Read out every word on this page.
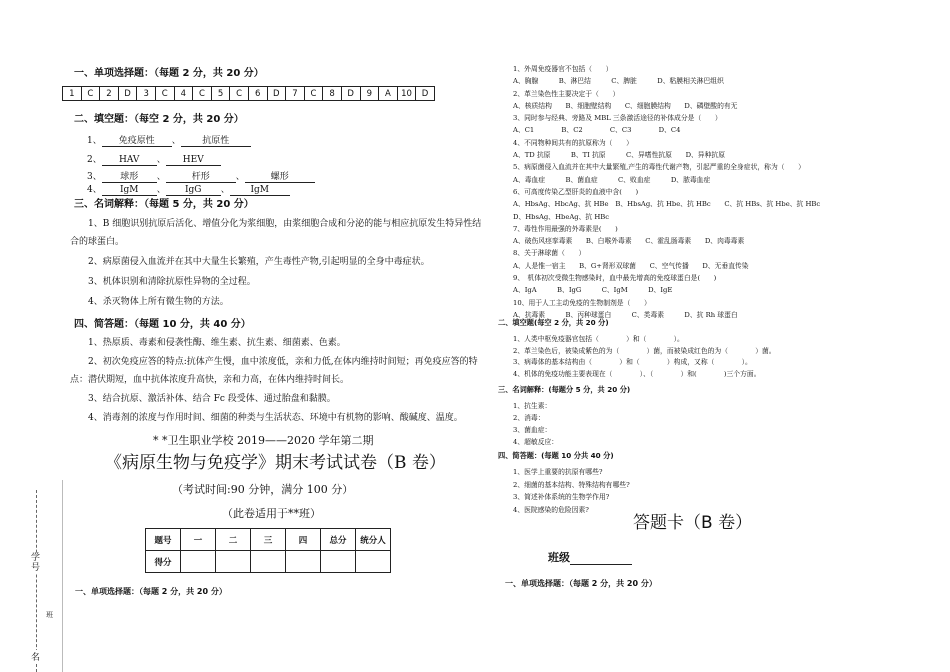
一、单项选择题：（每题 2 分，共 20 分）
1	C	2	D	3	C	4	C	5	C	6	D	7	C	8	D	9	A	10	D
二、填空题：（每空 2 分，共 20 分）
1、 免疫原性 、 抗原性
2、 HAV 、 HEV
3、 球形 、	杆形	、	螺形
4、 IgM 、 IgG 、 IgM
三、名词解释：（每题 5 分，共 20 分）

1、B 细胞识别抗原后活化、增值分化为浆细胞，由浆细胞合成和分泌的能与相应抗原发生特异性结合的球蛋白。

2、病原菌侵入血流并在其中大量生长繁殖，产生毒性产物,引起明显的全身中毒症状。

3、机体识别和清除抗原性异物的全过程。

4、杀灭物体上所有微生物的方法。

四、简答题：（每题 10 分，共 40 分）

1、热原质、毒素和侵袭性酶、维生素、抗生素、细菌素、色素。

2、初次免疫应答的特点:抗体产生慢，血中浓度低，亲和力低,在体内维持时间短；再免疫应答的特点：潜伏期短，血中抗体浓度升高快，亲和力高，在体内维持时间长。

3、结合抗原、激活补体、结合 Fc 段受体、通过胎盘和黏膜。

4、消毒剂的浓度与作用时间、细菌的种类与生活状态、环境中有机物的影响、酸碱度、温度。

* *卫生职业学校 2019——2020 学年第二期
《病原生物与免疫学》期末考试试卷（B 卷）
（考试时间:90 分钟，满分 100 分）
（此卷适用于**班）
题号	一	二	三	四	总分	统分人
得分						
一、单项选择题：（每题 2 分，共 20 分）
学号
班
名
1、外周免疫器官不包括（　　）
A、胸腺　　　B、淋巴结　　　C、脾脏　　　D、粘膜相关淋巴组织
2、革兰染色性主要决定于（　　）
A、核质结构　　B、细胞壁结构　　C、细胞膜结构　　D、磷壁酸的有无
3、同时参与经典、旁路及 MBL 三条激活途径的补体成分是（　　）
A、C1　　　　B、C2　　　　C、C3　　　　D、C4
4、不同物种间共有的抗原称为（　　）
A、TD 抗原　　　B、TI 抗原　　　C、异嗜性抗原　　D、异种抗原
5、病原菌侵入血流并在其中大量繁殖,产生的毒性代谢产物，引起严重的全身症状，称为（　　）
A、毒血症　　　B、菌血症　　　C、败血症　　　D、脓毒血症
6、可高度传染乙型肝炎的血液中含(　　)
A、HbsAg、HbcAg、抗 HBe　B、HbsAg、抗 Hbe、抗 HBc　　C、抗 HBs、抗 Hbe、抗 HBc
D、HbsAg、HbeAg、抗 HBc
7、毒性作用最强的外毒素是(　　)
A、破伤风痉挛毒素　　B、白喉外毒素　　C、霍乱肠毒素　　D、肉毒毒素
8、关于淋球菌（　　）
A、人是惟一宿主　　B、G+肾形双球菌　　C、空气传播　　D、无垂直传染
9、　机体初次受微生物感染时，血中最先增高的免疫球蛋白是(　　)
A、IgA　　　B、IgG　　　C、IgM　　　D、IgE
10、用于人工主动免疫的生物制剂是（　　）
A、抗毒素　　　B、丙种球蛋白　　　C、类毒素　　　D、抗 Rh 球蛋白
二、填空题(每空 2 分，共 20 分)
1、人类中枢免疫器官包括（　　　　）和（　　　　）。
2、革兰染色后，被染成紫色的为（　　　　）菌，而被染成红色的为（　　　　）菌。
3、病毒体的基本结构由（　　　　）和（　　　　）构成，又称（　　　　）。
4、机体的免疫功能主要表现在（　　　　）、（　　　　）和(　　　　)三个方面。
三、名词解释：(每题分 5 分，共 20 分)
1、抗生素：
2、消毒：
3、菌血症：
4、超敏反应：
四、简答题：(每题 10 分共 40 分)
1、医学上重要的抗原有哪些?
2、细菌的基本结构、特殊结构有哪些?
3、简述补体系统的生物学作用?
4、医院感染的危险因素?
答题卡（B 卷）
班级
一、单项选择题：（每题 2 分，共 20 分）
